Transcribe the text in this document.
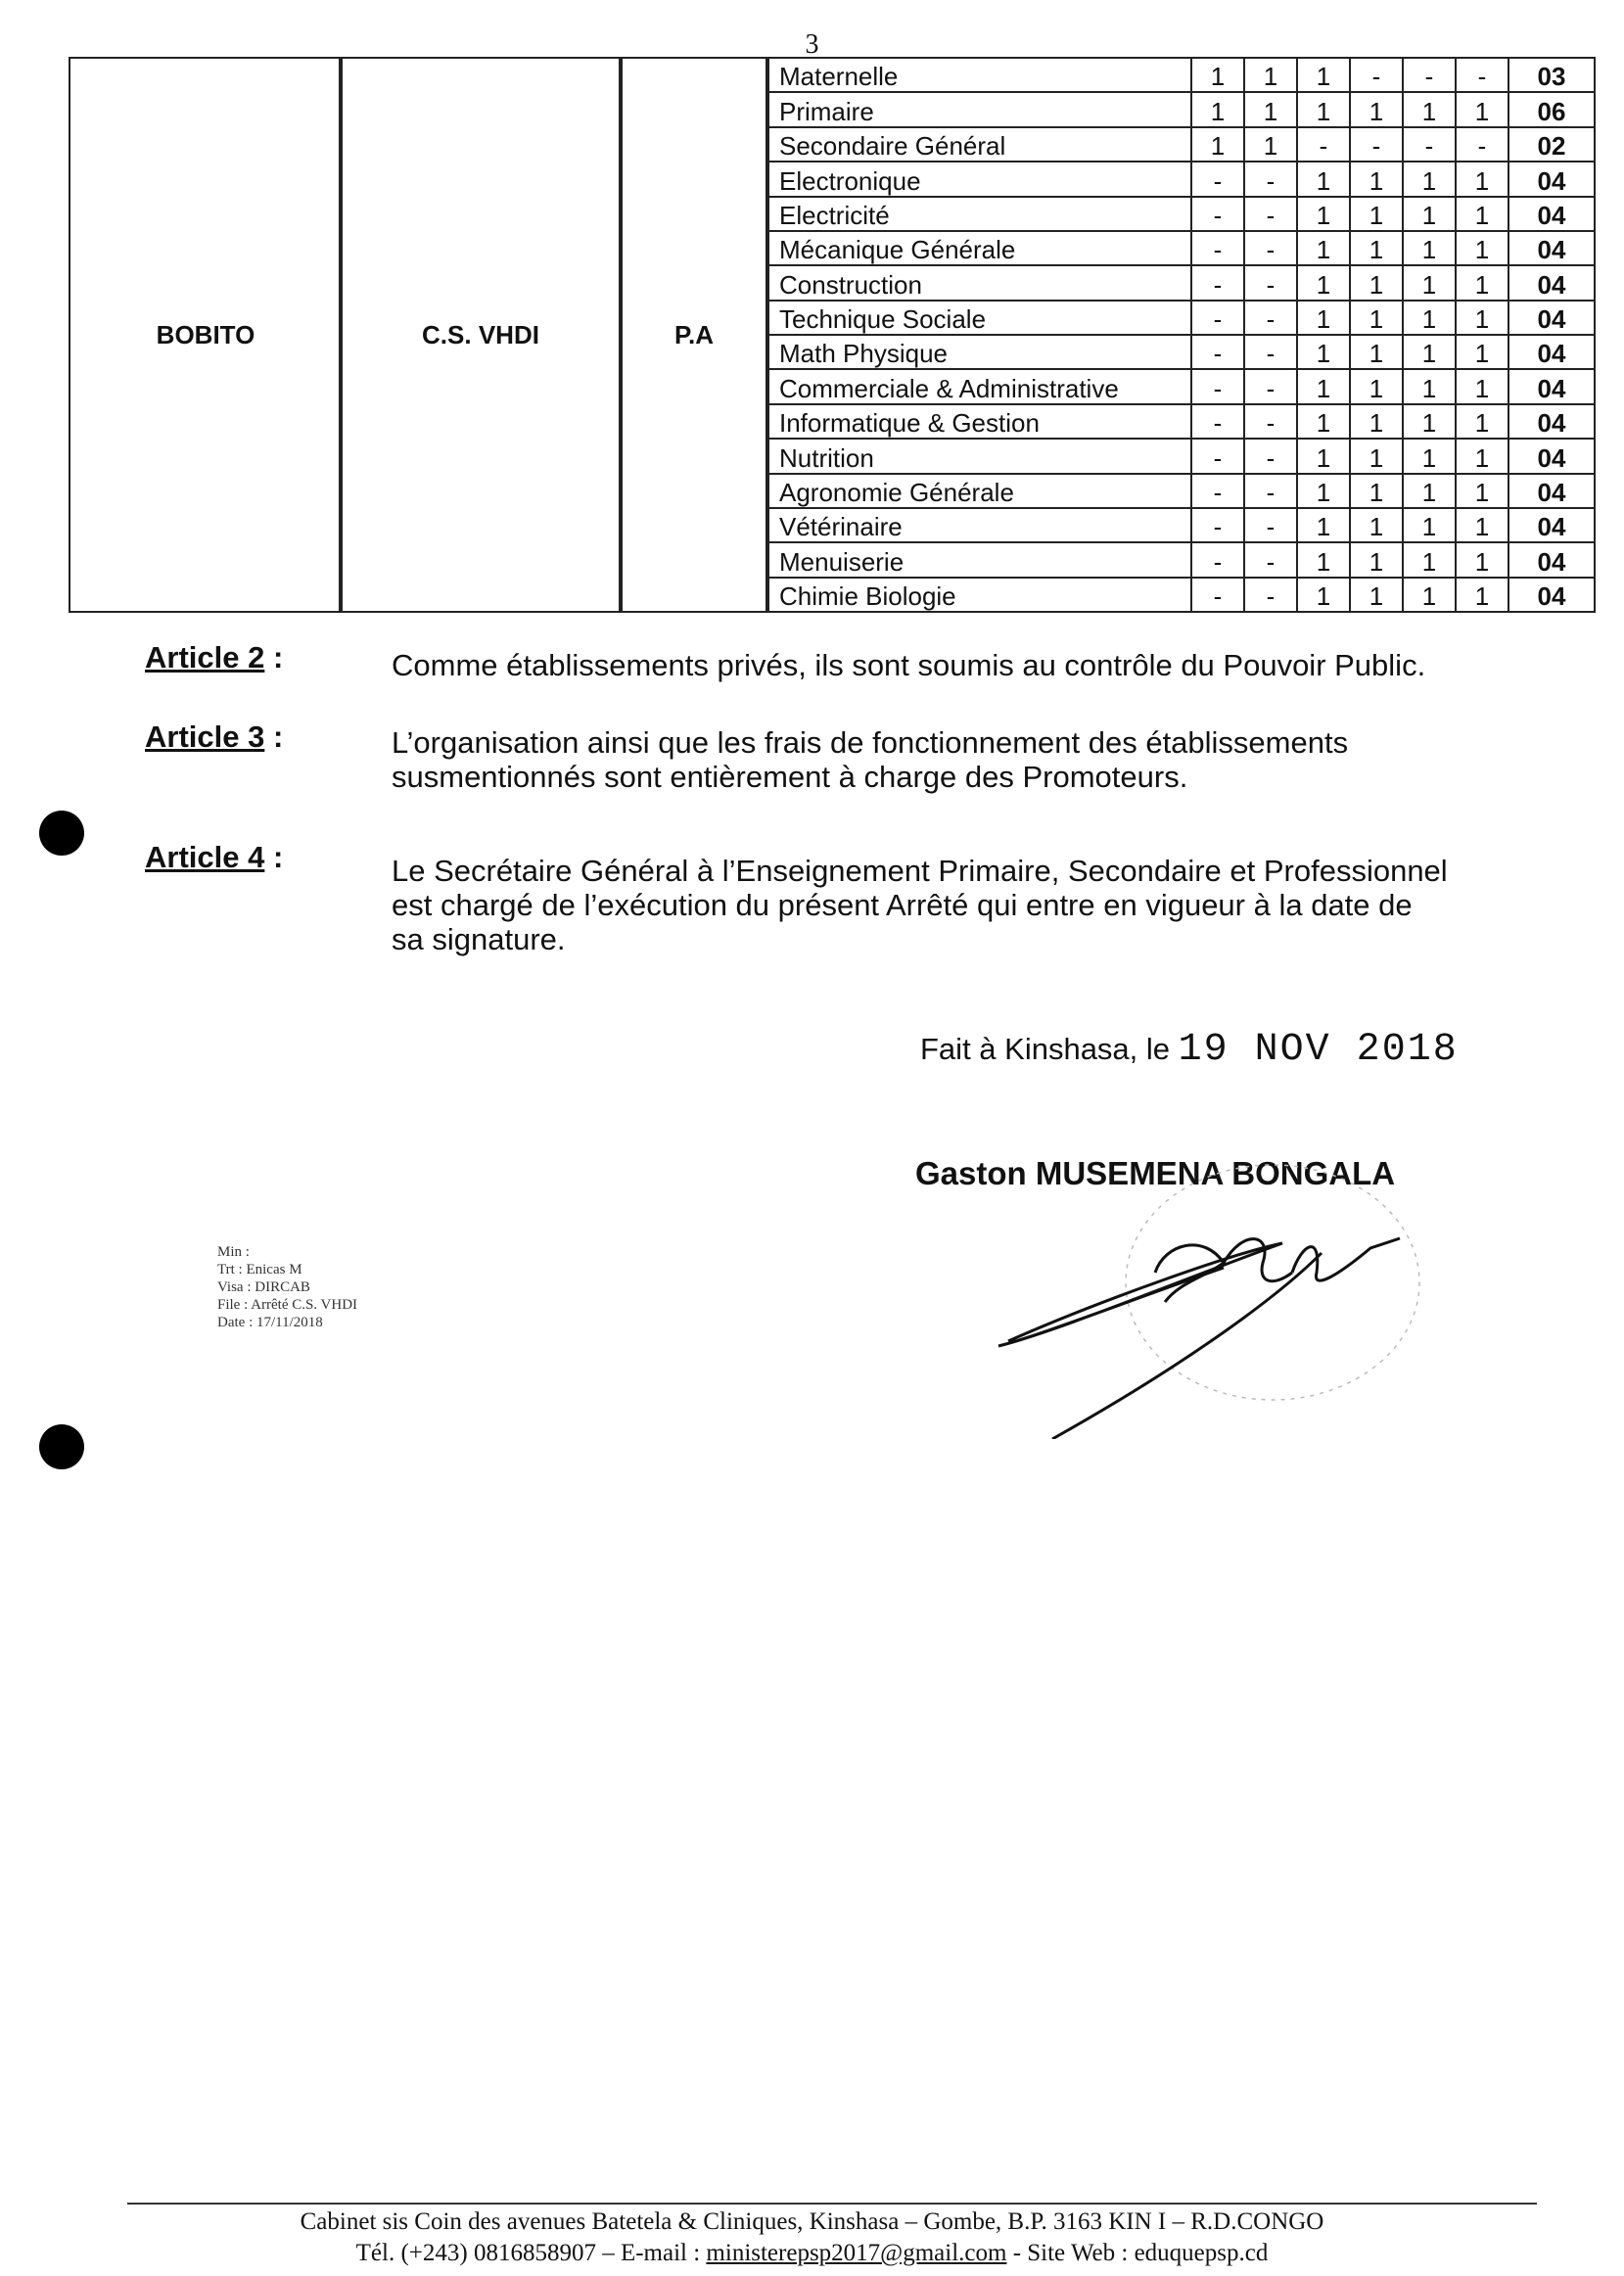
3
BOBITO	C.S. VHDI	P.A
Maternelle	1	1	1	-	-	-	03
Primaire	1	1	1	1	1	1	06
Secondaire Général	1	1	-	-	-	-	02
Electronique	-	-	1	1	1	1	04
Electricité	-	-	1	1	1	1	04
Mécanique Générale	-	-	1	1	1	1	04
Construction	-	-	1	1	1	1	04
Technique Sociale	-	-	1	1	1	1	04
Math Physique	-	-	1	1	1	1	04
Commerciale & Administrative	-	-	1	1	1	1	04
Informatique & Gestion	-	-	1	1	1	1	04
Nutrition	-	-	1	1	1	1	04
Agronomie Générale	-	-	1	1	1	1	04
Vétérinaire	-	-	1	1	1	1	04
Menuiserie	-	-	1	1	1	1	04
Chimie Biologie	-	-	1	1	1	1	04
Article 2 :	Comme établissements privés, ils sont soumis au contrôle du Pouvoir Public.
Article 3 :	L’organisation ainsi que les frais de fonctionnement des établissements
susmentionnés sont entièrement à charge des Promoteurs.
Article 4 :	Le Secrétaire Général à l’Enseignement Primaire, Secondaire et Professionnel
est chargé de l’exécution du présent Arrêté qui entre en vigueur à la date de
sa signature.
Fait à Kinshasa, le 19 NOV 2018
Gaston MUSEMENA BONGALA
Min :
Trt : Enicas M
Visa : DIRCAB
File : Arrêté C.S. VHDI
Date : 17/11/2018
Cabinet sis Coin des avenues Batetela & Cliniques, Kinshasa – Gombe, B.P. 3163 KIN I – R.D.CONGO
Tél. (+243) 0816858907 – E-mail : ministerepsp2017@gmail.com - Site Web : eduquepsp.cd
